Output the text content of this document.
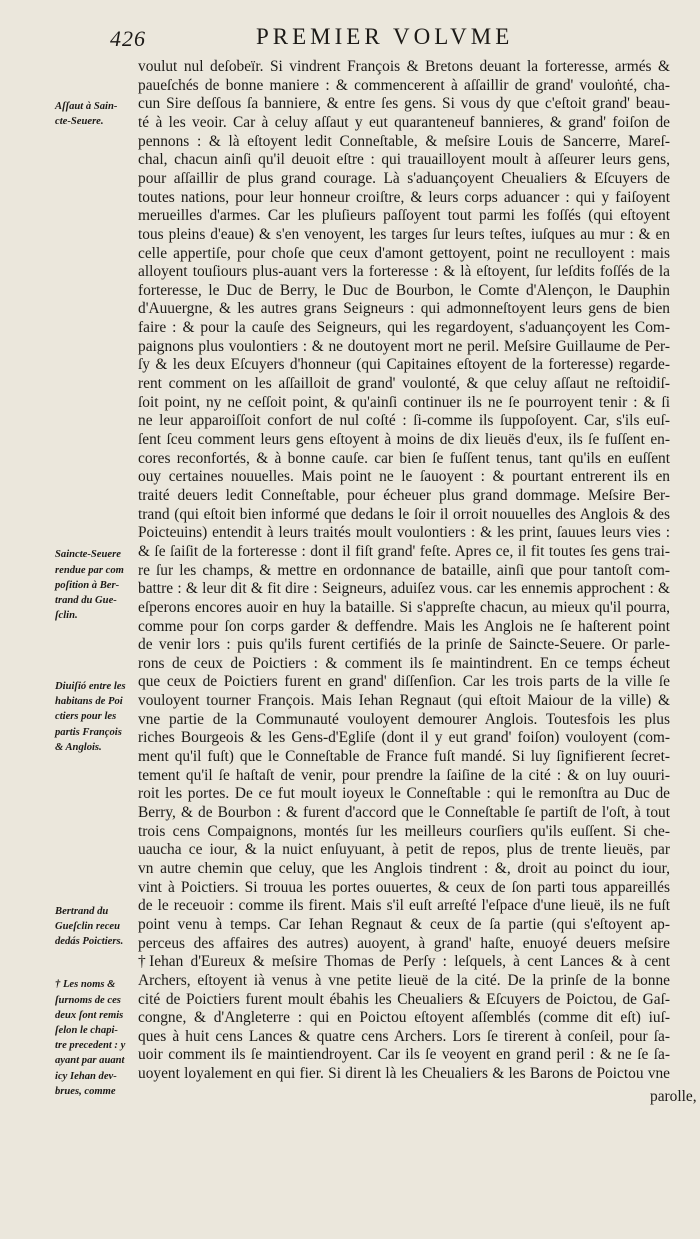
426	PREMIER VOLVME
voulut nul deſobeïr. Si vindrent François & Bretons deuant la forteresse, armés &
paueſchés de bonne maniere : & commencerent à aſſaillir de grand' vouloṅté, cha-
cun Sire deſſous ſa banniere, & entre ſes gens. Si vous dy que c'eſtoit grand' beau-
té à les veoir. Car à celuy aſſaut y eut quaranteneuf bannieres, & grand' foiſon de
pennons : & là eſtoyent ledit Conneſtable, & meſsire Louis de Sancerre, Mareſ-
chal, chacun ainſi qu'il deuoit eſtre : qui trauailloyent moult à aſſeurer leurs gens,
pour aſſaillir de plus grand courage. Là s'aduançoyent Cheualiers & Eſcuyers de
toutes nations, pour leur honneur croiſtre, & leurs corps aduancer : qui y faiſoyent
merueilles d'armes. Car les pluſieurs paſſoyent tout parmi les foſſés (qui eſtoyent
tous pleins d'eaue) & s'en venoyent, les targes ſur leurs teſtes, iuſques au mur : & en
celle appertiſe, pour choſe que ceux d'amont gettoyent, point ne reculloyent : mais
alloyent touſiours plus-auant vers la forteresse : & là eſtoyent, ſur leſdits foſſés de la
forteresse, le Duc de Berry, le Duc de Bourbon, le Comte d'Alençon, le Dauphin
d'Auuergne, & les autres grans Seigneurs : qui admonneſtoyent leurs gens de bien
faire : & pour la cauſe des Seigneurs, qui les regardoyent, s'aduançoyent les Com-
paignons plus voulontiers : & ne doutoyent mort ne peril. Meſsire Guillaume de Per-
ſy & les deux Eſcuyers d'honneur (qui Capitaines eſtoyent de la forteresse) regarde-
rent comment on les aſſailloit de grand' voulonté, & que celuy aſſaut ne reſtoidiſ-
ſoit point, ny ne ceſſoit point, & qu'ainſi continuer ils ne ſe pourroyent tenir : & ſi
ne leur apparoiſſoit confort de nul coſté : ſi-comme ils ſuppoſoyent. Car, s'ils euſ-
ſent ſceu comment leurs gens eſtoyent à moins de dix lieuës d'eux, ils ſe fuſſent en-
cores reconfortés, & à bonne cauſe. car bien ſe fuſſent tenus, tant qu'ils en euſſent
ouy certaines nouuelles. Mais point ne le ſauoyent : & pourtant entrerent ils en
traité deuers ledit Conneſtable, pour écheuer plus grand dommage. Meſsire Ber-
trand (qui eſtoit bien informé que dedans le ſoir il orroit nouuelles des Anglois & des
Poicteuins) entendit à leurs traités moult voulontiers : & les print, ſauues leurs vies :
& ſe ſaiſit de la forteresse : dont il fiſt grand' feſte. Apres ce, il fit toutes ſes gens trai-
re ſur les champs, & mettre en ordonnance de bataille, ainſi que pour tantoſt com-
battre : & leur dit & fit dire : Seigneurs, aduiſez vous. car les ennemis approchent : &
eſperons encores auoir en huy la bataille. Si s'appreſte chacun, au mieux qu'il pourra,
comme pour ſon corps garder & deffendre. Mais les Anglois ne ſe haſterent point
de venir lors : puis qu'ils furent certifiés de la prinſe de Saincte-Seuere. Or parle-
rons de ceux de Poictiers : & comment ils ſe maintindrent. En ce temps écheut
que ceux de Poictiers furent en grand' diſſenſion. Car les trois parts de la ville ſe
vouloyent tourner François. Mais Iehan Regnaut (qui eſtoit Maiour de la ville) &
vne partie de la Communauté vouloyent demourer Anglois. Toutesfois les plus
riches Bourgeois & les Gens-d'Egliſe (dont il y eut grand' foiſon) vouloyent (com-
ment qu'il fuſt) que le Conneſtable de France fuſt mandé. Si luy ſignifierent ſecret-
tement qu'il ſe haſtaſt de venir, pour prendre la ſaiſine de la cité : & on luy ouuri-
roit les portes. De ce fut moult ioyeux le Conneſtable : qui le remonſtra au Duc de
Berry, & de Bourbon : & furent d'accord que le Conneſtable ſe partiſt de l'oſt, à tout
trois cens Compaignons, montés ſur les meilleurs courſiers qu'ils euſſent. Si che-
uaucha ce iour, & la nuict enſuyuant, à petit de repos, plus de trente lieuës, par
vn autre chemin que celuy, que les Anglois tindrent : &, droit au poinct du iour,
vint à Poictiers. Si trouua les portes ouuertes, & ceux de ſon parti tous appareillés
de le receuoir : comme ils firent. Mais s'il euſt arreſté l'eſpace d'une lieuë, ils ne fuſt
point venu à temps. Car Iehan Regnaut & ceux de ſa partie (qui s'eſtoyent ap-
perceus des affaires des autres) auoyent, à grand' haſte, enuoyé deuers meſsire
†Iehan d'Eureux & meſsire Thomas de Perſy : leſquels, à cent Lances & à cent
Archers, eſtoyent ià venus à vne petite lieuë de la cité. De la prinſe de la bonne
cité de Poictiers furent moult ébahis les Cheualiers & Eſcuyers de Poictou, de Gaſ-
congne, & d'Angleterre : qui en Poictou eſtoyent aſſemblés (comme dit eſt) iuſ-
ques à huit cens Lances & quatre cens Archers. Lors ſe tirerent à conſeil, pour ſa-
uoir comment ils ſe maintiendroyent. Car ils ſe veoyent en grand peril : & ne ſe ſa-
uoyent loyalement en qui fier. Si dirent là les Cheualiers & les Barons de Poictou vne
Aſſaut à Sain-
cte-Seuere.
Saincte-Seuere
rendue par com
poſition à Ber-
trand du Gue-
ſclin.
Diuiſió entre les
habitans de Poi
ctiers pour les
partis François
& Anglois.
Bertrand du
Gueſclin receu
dedás Poictiers.
† Les noms &
ſurnoms de ces
deux ſont remis
ſelon le chapi-
tre precedent : y
ayant par auant
icy Iehan dev-
brues, comme	parolle,
